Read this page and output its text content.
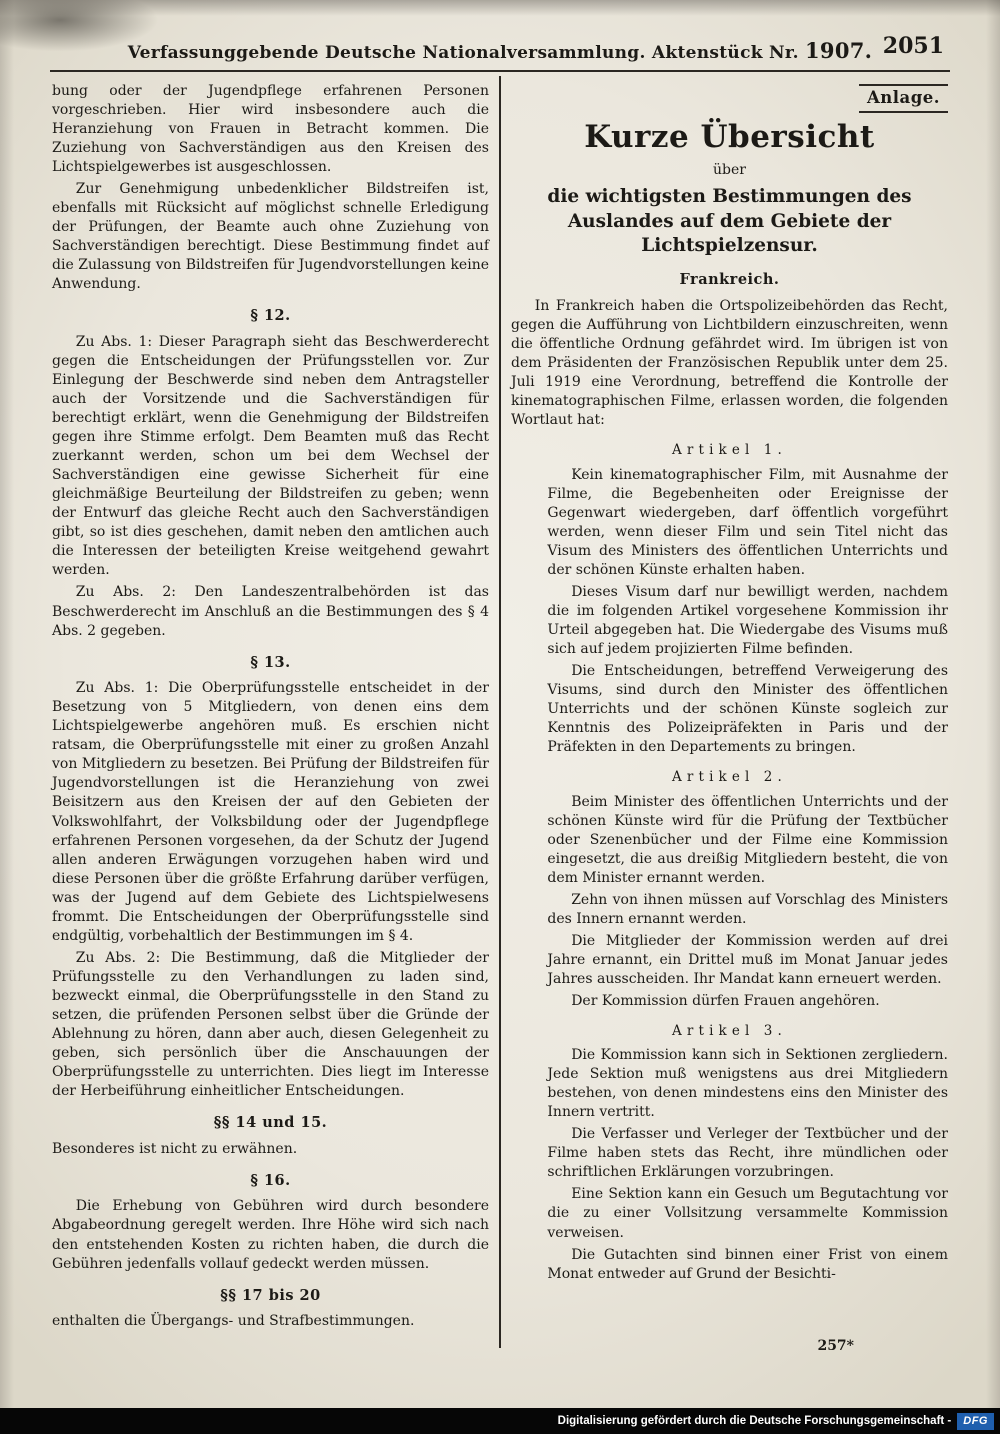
Verfassunggebende Deutsche Nationalversammlung. Aktenstück Nr. 1907. 2051

bung oder der Jugendpflege erfahrenen Personen vorgeschrieben. Hier wird insbesondere auch die Heranziehung von Frauen in Betracht kommen. Die Zuziehung von Sachverständigen aus den Kreisen des Lichtspielgewerbes ist ausgeschlossen.

Zur Genehmigung unbedenklicher Bildstreifen ist, ebenfalls mit Rücksicht auf möglichst schnelle Erledigung der Prüfungen, der Beamte auch ohne Zuziehung von Sachverständigen berechtigt. Diese Bestimmung findet auf die Zulassung von Bildstreifen für Jugendvorstellungen keine Anwendung.

§ 12.

Zu Abs. 1: Dieser Paragraph sieht das Beschwerderecht gegen die Entscheidungen der Prüfungsstellen vor. Zur Einlegung der Beschwerde sind neben dem Antragsteller auch der Vorsitzende und die Sachverständigen für berechtigt erklärt, wenn die Genehmigung der Bildstreifen gegen ihre Stimme erfolgt. Dem Beamten muß das Recht zuerkannt werden, schon um bei dem Wechsel der Sachverständigen eine gewisse Sicherheit für eine gleichmäßige Beurteilung der Bildstreifen zu geben; wenn der Entwurf das gleiche Recht auch den Sachverständigen gibt, so ist dies geschehen, damit neben den amtlichen auch die Interessen der beteiligten Kreise weitgehend gewahrt werden.

Zu Abs. 2: Den Landeszentralbehörden ist das Beschwerderecht im Anschluß an die Bestimmungen des § 4 Abs. 2 gegeben.

§ 13.

Zu Abs. 1: Die Oberprüfungsstelle entscheidet in der Besetzung von 5 Mitgliedern, von denen eins dem Lichtspielgewerbe angehören muß. Es erschien nicht ratsam, die Oberprüfungsstelle mit einer zu großen Anzahl von Mitgliedern zu besetzen. Bei Prüfung der Bildstreifen für Jugendvorstellungen ist die Heranziehung von zwei Beisitzern aus den Kreisen der auf den Gebieten der Volkswohlfahrt, der Volksbildung oder der Jugendpflege erfahrenen Personen vorgesehen, da der Schutz der Jugend allen anderen Erwägungen vorzugehen haben wird und diese Personen über die größte Erfahrung darüber verfügen, was der Jugend auf dem Gebiete des Lichtspielwesens frommt. Die Entscheidungen der Oberprüfungsstelle sind endgültig, vorbehaltlich der Bestimmungen im § 4.

Zu Abs. 2: Die Bestimmung, daß die Mitglieder der Prüfungsstelle zu den Verhandlungen zu laden sind, bezweckt einmal, die Oberprüfungsstelle in den Stand zu setzen, die prüfenden Personen selbst über die Gründe der Ablehnung zu hören, dann aber auch, diesen Gelegenheit zu geben, sich persönlich über die Anschauungen der Oberprüfungsstelle zu unterrichten. Dies liegt im Interesse der Herbeiführung einheitlicher Entscheidungen.

§§ 14 und 15.

Besonderes ist nicht zu erwähnen.

§ 16.

Die Erhebung von Gebühren wird durch besondere Abgabeordnung geregelt werden. Ihre Höhe wird sich nach den entstehenden Kosten zu richten haben, die durch die Gebühren jedenfalls vollauf gedeckt werden müssen.

§§ 17 bis 20

enthalten die Übergangs- und Strafbestimmungen.

Anlage.
Kurze Übersicht
über
die wichtigsten Bestimmungen des Auslandes auf dem Gebiete der Lichtspielzensur.
Frankreich.

In Frankreich haben die Ortspolizeibehörden das Recht, gegen die Aufführung von Lichtbildern einzuschreiten, wenn die öffentliche Ordnung gefährdet wird. Im übrigen ist von dem Präsidenten der Französischen Republik unter dem 25. Juli 1919 eine Verordnung, betreffend die Kontrolle der kinematographischen Filme, erlassen worden, die folgenden Wortlaut hat:

Artikel 1.

Kein kinematographischer Film, mit Ausnahme der Filme, die Begebenheiten oder Ereignisse der Gegenwart wiedergeben, darf öffentlich vorgeführt werden, wenn dieser Film und sein Titel nicht das Visum des Ministers des öffentlichen Unterrichts und der schönen Künste erhalten haben.

Dieses Visum darf nur bewilligt werden, nachdem die im folgenden Artikel vorgesehene Kommission ihr Urteil abgegeben hat. Die Wiedergabe des Visums muß sich auf jedem projizierten Filme befinden.

Die Entscheidungen, betreffend Verweigerung des Visums, sind durch den Minister des öffentlichen Unterrichts und der schönen Künste sogleich zur Kenntnis des Polizeipräfekten in Paris und der Präfekten in den Departements zu bringen.

Artikel 2.

Beim Minister des öffentlichen Unterrichts und der schönen Künste wird für die Prüfung der Textbücher oder Szenenbücher und der Filme eine Kommission eingesetzt, die aus dreißig Mitgliedern besteht, die von dem Minister ernannt werden.

Zehn von ihnen müssen auf Vorschlag des Ministers des Innern ernannt werden.

Die Mitglieder der Kommission werden auf drei Jahre ernannt, ein Drittel muß im Monat Januar jedes Jahres ausscheiden. Ihr Mandat kann erneuert werden.

Der Kommission dürfen Frauen angehören.

Artikel 3.

Die Kommission kann sich in Sektionen zergliedern. Jede Sektion muß wenigstens aus drei Mitgliedern bestehen, von denen mindestens eins den Minister des Innern vertritt.

Die Verfasser und Verleger der Textbücher und der Filme haben stets das Recht, ihre mündlichen oder schriftlichen Erklärungen vorzubringen.

Eine Sektion kann ein Gesuch um Begutachtung vor die zu einer Vollsitzung versammelte Kommission verweisen.

Die Gutachten sind binnen einer Frist von einem Monat entweder auf Grund der Besichti-

257*
Digitalisierung gefördert durch die Deutsche Forschungsgemeinschaft -	DFG
